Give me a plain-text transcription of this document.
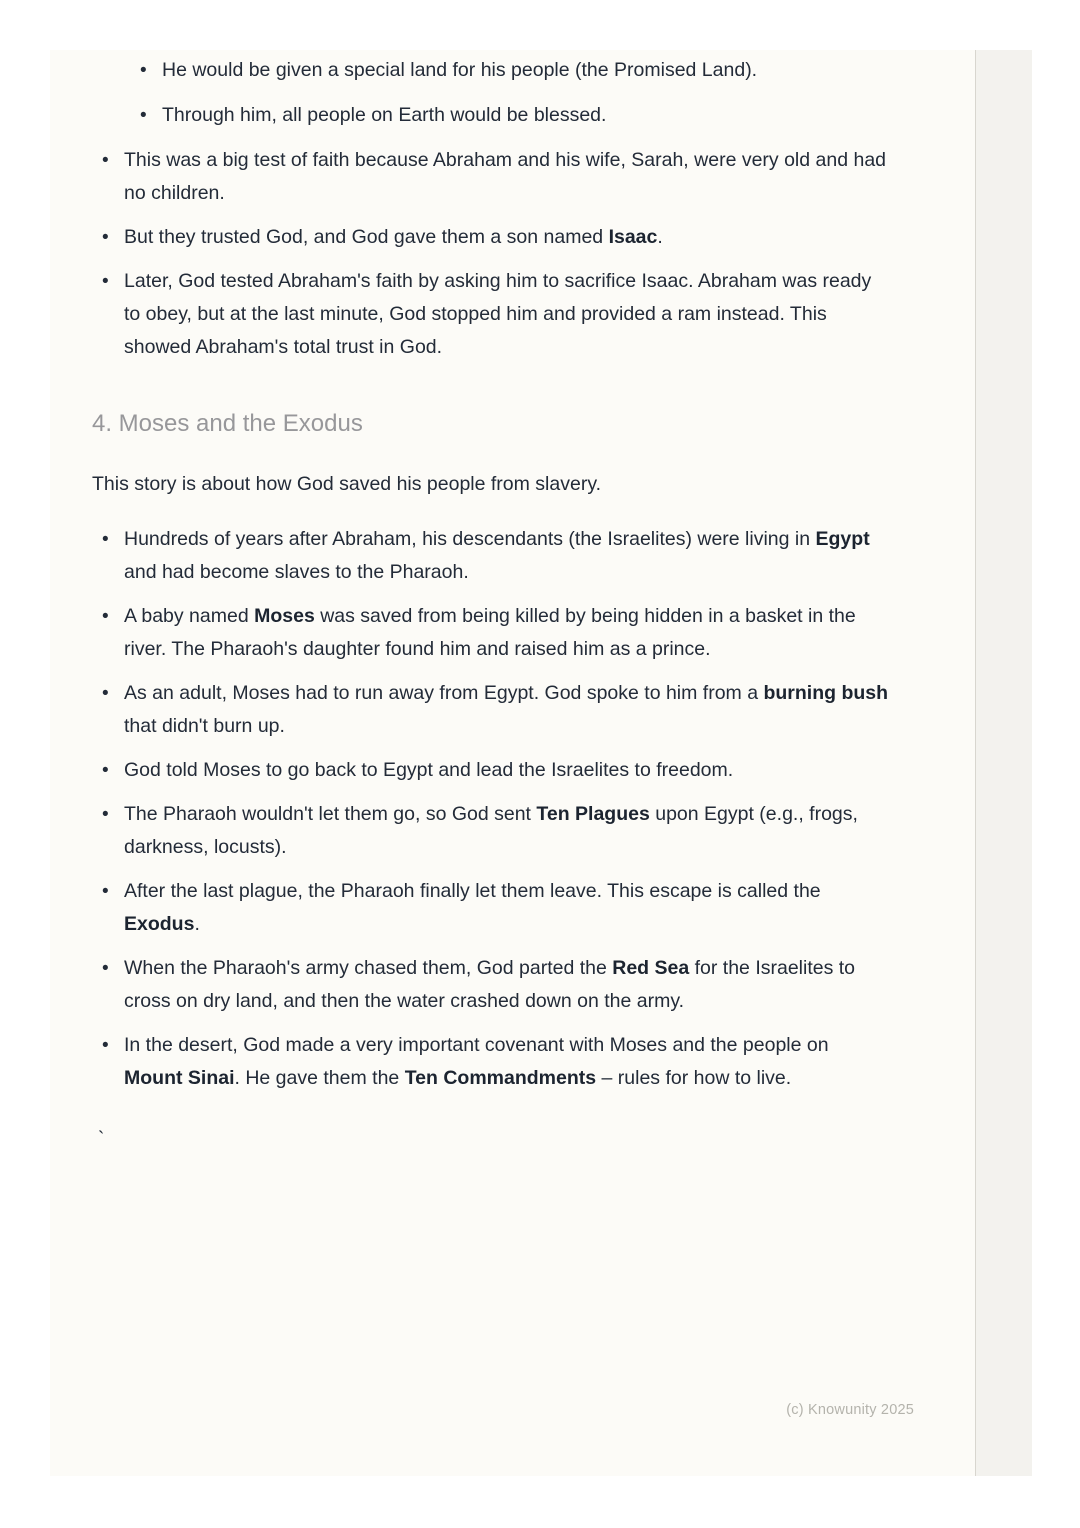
• He would be given a special land for his people (the Promised Land).
• Through him, all people on Earth would be blessed.
• This was a big test of faith because Abraham and his wife, Sarah, were very old and had no children.
• But they trusted God, and God gave them a son named Isaac.
• Later, God tested Abraham's faith by asking him to sacrifice Isaac. Abraham was ready to obey, but at the last minute, God stopped him and provided a ram instead. This showed Abraham's total trust in God.
4. Moses and the Exodus

This story is about how God saved his people from slavery.

• Hundreds of years after Abraham, his descendants (the Israelites) were living in Egypt and had become slaves to the Pharaoh.
• A baby named Moses was saved from being killed by being hidden in a basket in the river. The Pharaoh's daughter found him and raised him as a prince.
• As an adult, Moses had to run away from Egypt. God spoke to him from a burning bush that didn't burn up.
• God told Moses to go back to Egypt and lead the Israelites to freedom.
• The Pharaoh wouldn't let them go, so God sent Ten Plagues upon Egypt (e.g., frogs, darkness, locusts).
• After the last plague, the Pharaoh finally let them leave. This escape is called the Exodus.
• When the Pharaoh's army chased them, God parted the Red Sea for the Israelites to cross on dry land, and then the water crashed down on the army.
• In the desert, God made a very important covenant with Moses and the people on Mount Sinai. He gave them the Ten Commandments – rules for how to live.
`
(c) Knowunity 2025
